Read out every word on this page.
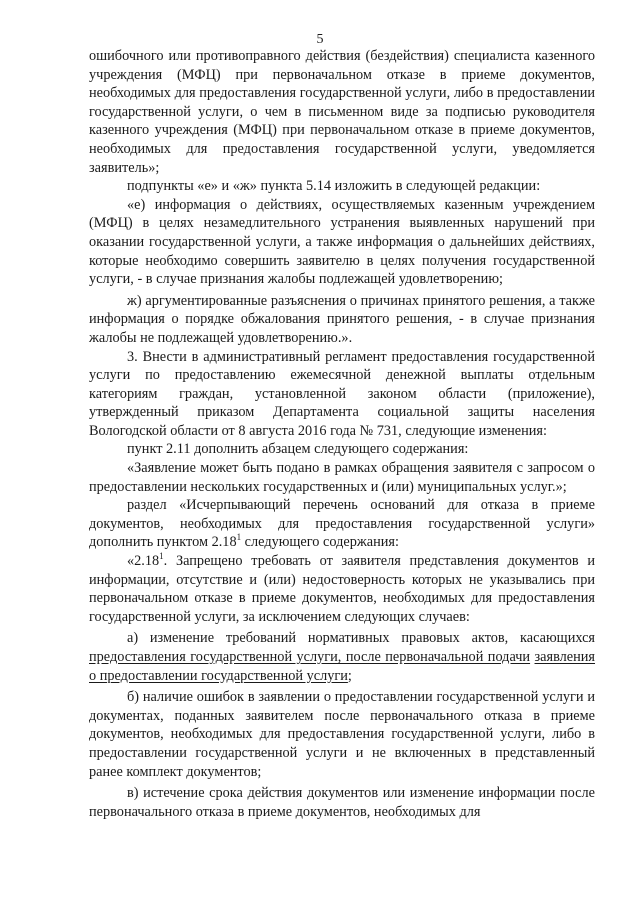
5

ошибочного или противоправного действия (бездействия) специалиста казенного учреждения (МФЦ) при первоначальном отказе в приеме документов, необходимых для предоставления государственной услуги, либо в предоставлении государственной услуги, о чем в письменном виде за подписью руководителя казенного учреждения (МФЦ) при первоначальном отказе в приеме документов, необходимых для предоставления государственной услуги, уведомляется заявитель»;

подпункты «е» и «ж» пункта 5.14 изложить в следующей редакции:

«е) информация о действиях, осуществляемых казенным учреждением (МФЦ) в целях незамедлительного устранения выявленных нарушений при оказании государственной услуги, а также информация о дальнейших действиях, которые необходимо совершить заявителю в целях получения государственной услуги, - в случае признания жалобы подлежащей удовлетворению;

ж) аргументированные разъяснения о причинах принятого решения, а также информация о порядке обжалования принятого решения, - в случае признания жалобы не подлежащей удовлетворению.».

3. Внести в административный регламент предоставления государственной услуги по предоставлению ежемесячной денежной выплаты отдельным категориям граждан, установленной законом области (приложение), утвержденный приказом Департамента социальной защиты населения Вологодской области от 8 августа 2016 года № 731, следующие изменения:

пункт 2.11 дополнить абзацем следующего содержания:

«Заявление может быть подано в рамках обращения заявителя с запросом о предоставлении нескольких государственных и (или) муниципальных услуг.»;

раздел «Исчерпывающий перечень оснований для отказа в приеме документов, необходимых для предоставления государственной услуги» дополнить пунктом 2.18$^1$ следующего содержания:

«2.18$^1$. Запрещено требовать от заявителя представления документов и информации, отсутствие и (или) недостоверность которых не указывались при первоначальном отказе в приеме документов, необходимых для предоставления государственной услуги, за исключением следующих случаев:

а) изменение требований нормативных правовых актов, касающихся предоставления государственной услуги, после первоначальной подачи заявления о предоставлении государственной услуги;

б) наличие ошибок в заявлении о предоставлении государственной услуги и документах, поданных заявителем после первоначального отказа в приеме документов, необходимых для предоставления государственной услуги, либо в предоставлении государственной услуги и не включенных в представленный ранее комплект документов;

в) истечение срока действия документов или изменение информации после первоначального отказа в приеме документов, необходимых для
